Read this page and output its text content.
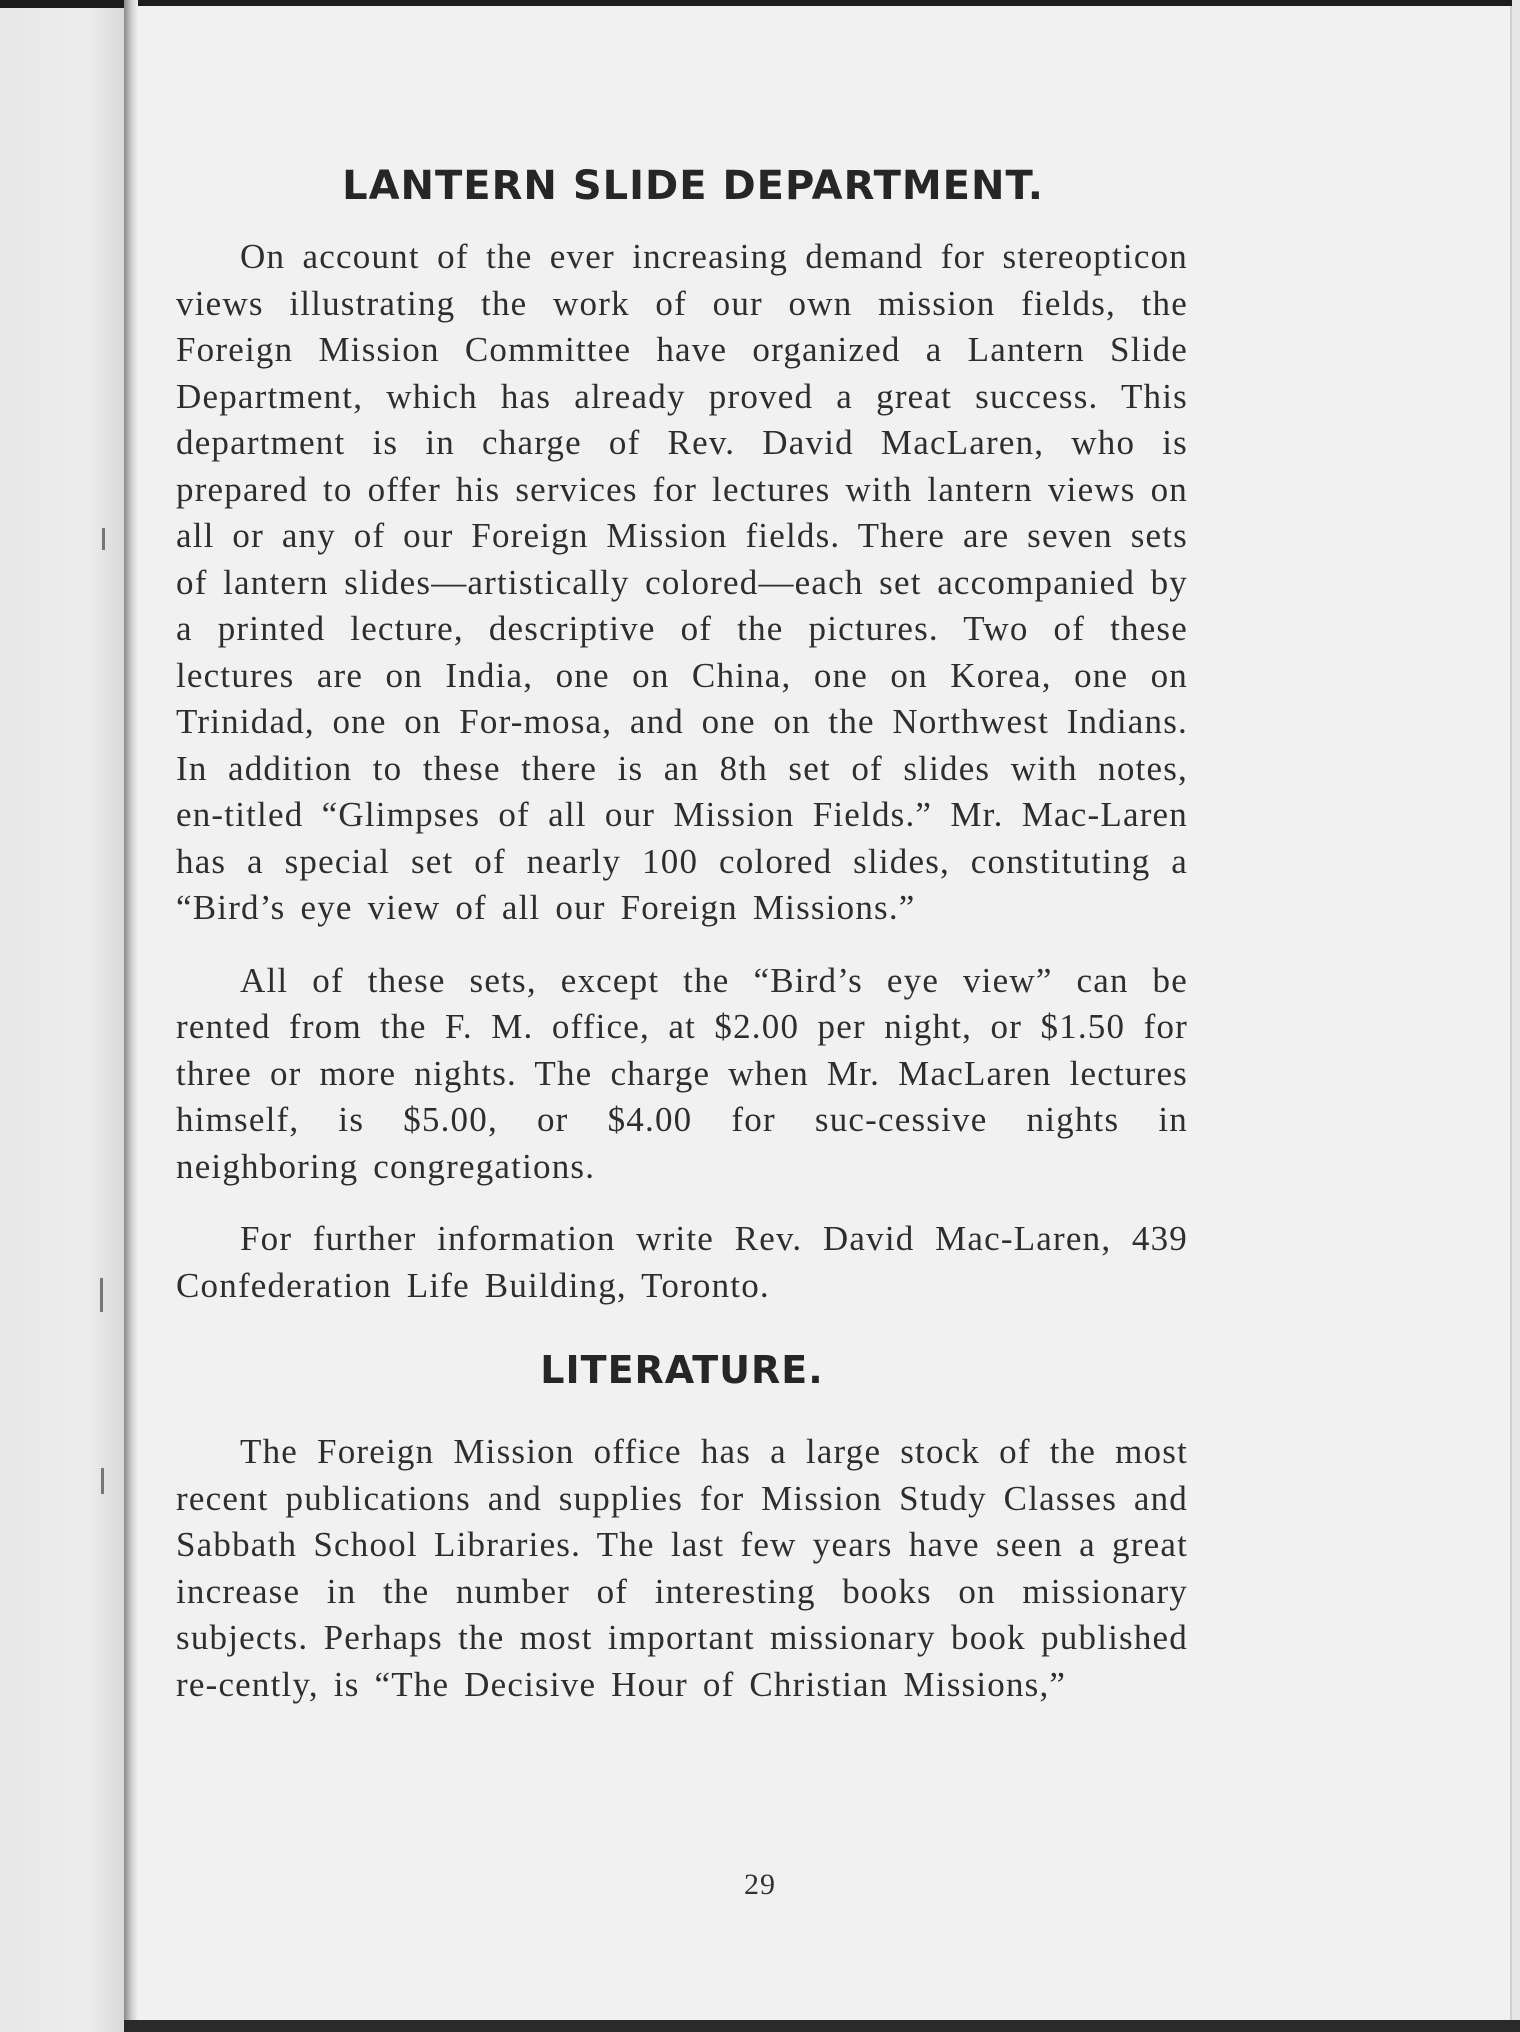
LANTERN SLIDE DEPARTMENT.

On account of the ever increasing demand for stereopticon views illustrating the work of our own mission fields, the Foreign Mission Committee have organized a Lantern Slide Department, which has already proved a great success. This department is in charge of Rev. David MacLaren, who is prepared to offer his services for lectures with lantern views on all or any of our Foreign Mission fields. There are seven sets of lantern slides—artistically colored—each set accompanied by a printed lecture, descriptive of the pictures. Two of these lectures are on India, one on China, one on Korea, one on Trinidad, one on For-mosa, and one on the Northwest Indians. In addition to these there is an 8th set of slides with notes, en-titled “Glimpses of all our Mission Fields.” Mr. Mac-Laren has a special set of nearly 100 colored slides, constituting a “Bird’s eye view of all our Foreign Missions.”

All of these sets, except the “Bird’s eye view” can be rented from the F. M. office, at $2.00 per night, or $1.50 for three or more nights. The charge when Mr. MacLaren lectures himself, is $5.00, or $4.00 for suc-cessive nights in neighboring congregations.

For further information write Rev. David Mac-Laren, 439 Confederation Life Building, Toronto.

LITERATURE.

The Foreign Mission office has a large stock of the most recent publications and supplies for Mission Study Classes and Sabbath School Libraries. The last few years have seen a great increase in the number of interesting books on missionary subjects. Perhaps the most important missionary book published re-cently, is “The Decisive Hour of Christian Missions,”

29
